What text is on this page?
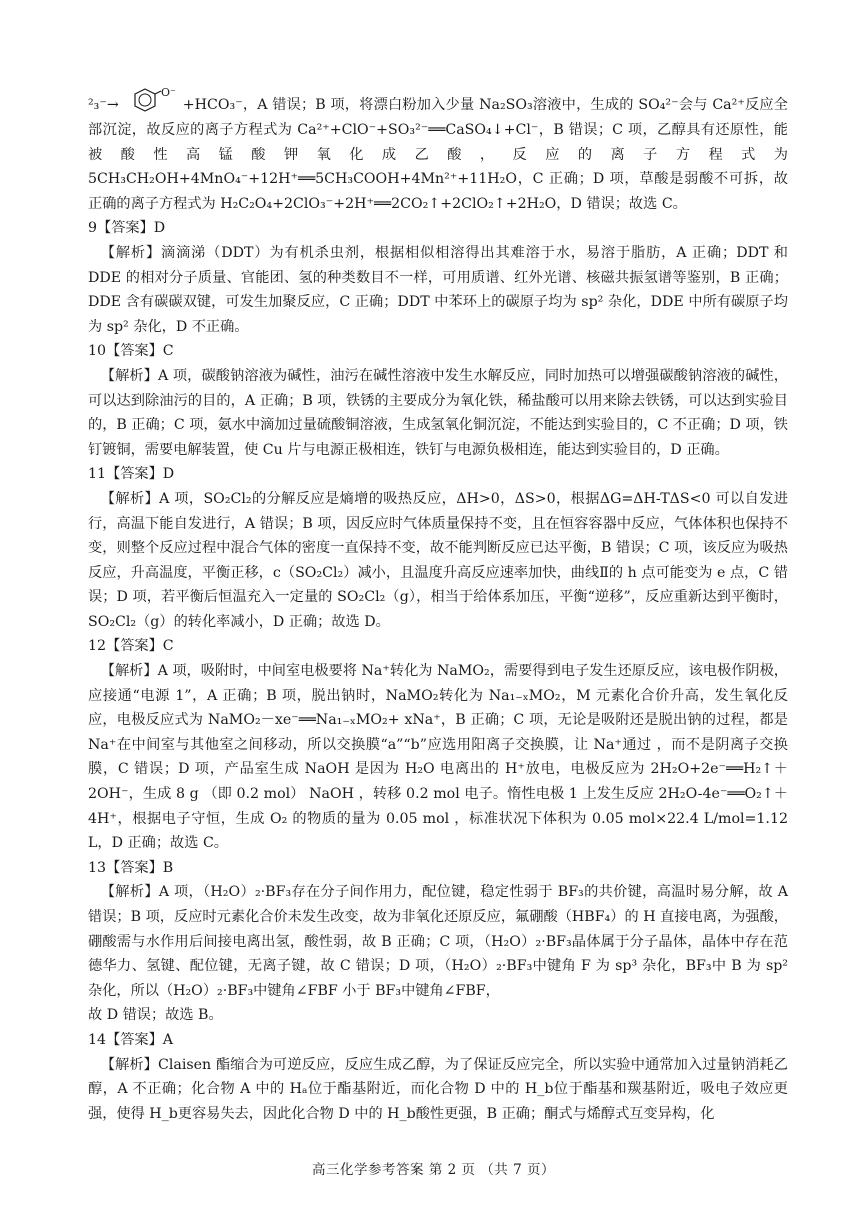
²₃⁻→
O⁻
+HCO₃⁻，A 错误；B 项，将漂白粉加入少量 Na₂SO₃溶液中，生成的 SO₄²⁻会与 Ca²⁺反应全部沉淀，故反应的离子方程式为 Ca²⁺+ClO⁻+SO₃²⁻══CaSO₄↓+Cl⁻，B 错误；C 项，乙醇具有还原性，能被酸性高锰酸钾氧化成乙酸，反应的离子方程式为 5CH₃CH₂OH+4MnO₄⁻+12H⁺══5CH₃COOH+4Mn²⁺+11H₂O，C 正确；D 项，草酸是弱酸不可拆，故正确的离子方程式为 H₂C₂O₄+2ClO₃⁻+2H⁺══2CO₂↑+2ClO₂↑+2H₂O，D 错误；故选 C。

9【答案】D

【解析】滴滴涕（DDT）为有机杀虫剂，根据相似相溶得出其难溶于水，易溶于脂肪，A 正确；DDT 和 DDE 的相对分子质量、官能团、氢的种类数目不一样，可用质谱、红外光谱、核磁共振氢谱等鉴别，B 正确；DDE 含有碳碳双键，可发生加聚反应，C 正确；DDT 中苯环上的碳原子均为 sp² 杂化，DDE 中所有碳原子均为 sp² 杂化，D 不正确。

10【答案】C

【解析】A 项，碳酸钠溶液为碱性，油污在碱性溶液中发生水解反应，同时加热可以增强碳酸钠溶液的碱性，可以达到除油污的目的，A 正确；B 项，铁锈的主要成分为氧化铁，稀盐酸可以用来除去铁锈，可以达到实验目的，B 正确；C 项，氨水中滴加过量硫酸铜溶液，生成氢氧化铜沉淀，不能达到实验目的，C 不正确；D 项，铁钉镀铜，需要电解装置，使 Cu 片与电源正极相连，铁钉与电源负极相连，能达到实验目的，D 正确。

11【答案】D

【解析】A 项，SO₂Cl₂的分解反应是熵增的吸热反应，ΔH>0，ΔS>0，根据ΔG=ΔH-TΔS<0 可以自发进行，高温下能自发进行，A 错误；B 项，因反应时气体质量保持不变，且在恒容容器中反应，气体体积也保持不变，则整个反应过程中混合气体的密度一直保持不变，故不能判断反应已达平衡，B 错误；C 项，该反应为吸热反应，升高温度，平衡正移，c（SO₂Cl₂）减小，且温度升高反应速率加快，曲线Ⅱ的 h 点可能变为 e 点，C 错误；D 项，若平衡后恒温充入一定量的 SO₂Cl₂（g），相当于给体系加压，平衡“逆移”，反应重新达到平衡时，SO₂Cl₂（g）的转化率减小，D 正确；故选 D。

12【答案】C

【解析】A 项，吸附时，中间室电极要将 Na⁺转化为 NaMO₂，需要得到电子发生还原反应，该电极作阴极，应接通“电源 1”，A 正确；B 项，脱出钠时，NaMO₂转化为 Na₁₋ₓMO₂，M 元素化合价升高，发生氧化反应，电极反应式为 NaMO₂－xe⁻══Na₁₋ₓMO₂+ xNa⁺，B 正确；C 项，无论是吸附还是脱出钠的过程，都是 Na⁺在中间室与其他室之间移动，所以交换膜“a”“b”应选用阳离子交换膜，让 Na⁺通过 ，而不是阴离子交换膜，C 错误；D 项，产品室生成 NaOH 是因为 H₂O 电离出的 H⁺放电，电极反应为 2H₂O+2e⁻══H₂↑＋2OH⁻，生成 8 g （即 0.2 mol） NaOH ，转移 0.2 mol 电子。惰性电极 1 上发生反应 2H₂O-4e⁻══O₂↑＋4H⁺，根据电子守恒，生成 O₂ 的物质的量为 0.05 mol ，标准状况下体积为 0.05 mol×22.4 L/mol=1.12 L，D 正确；故选 C。

13【答案】B

【解析】A 项，（H₂O）₂·BF₃存在分子间作用力，配位键，稳定性弱于 BF₃的共价键，高温时易分解，故 A 错误；B 项，反应时元素化合价未发生改变，故为非氧化还原反应，氟硼酸（HBF₄）的 H 直接电离，为强酸，硼酸需与水作用后间接电离出氢，酸性弱，故 B 正确；C 项，（H₂O）₂·BF₃晶体属于分子晶体，晶体中存在范德华力、氢键、配位键，无离子键，故 C 错误；D 项，（H₂O）₂·BF₃中键角 F 为 sp³ 杂化，BF₃中 B 为 sp² 杂化，所以（H₂O）₂·BF₃中键角∠FBF 小于 BF₃中键角∠FBF，

故 D 错误；故选 B。

14【答案】A

【解析】Claisen 酯缩合为可逆反应，反应生成乙醇，为了保证反应完全，所以实验中通常加入过量钠消耗乙醇，A 不正确；化合物 A 中的 Hₐ位于酯基附近，而化合物 D 中的 H_b位于酯基和羰基附近，吸电子效应更强，使得 H_b更容易失去，因此化合物 D 中的 H_b酸性更强，B 正确；酮式与烯醇式互变异构，化

高三化学参考答案 第 2 页 （共 7 页）
